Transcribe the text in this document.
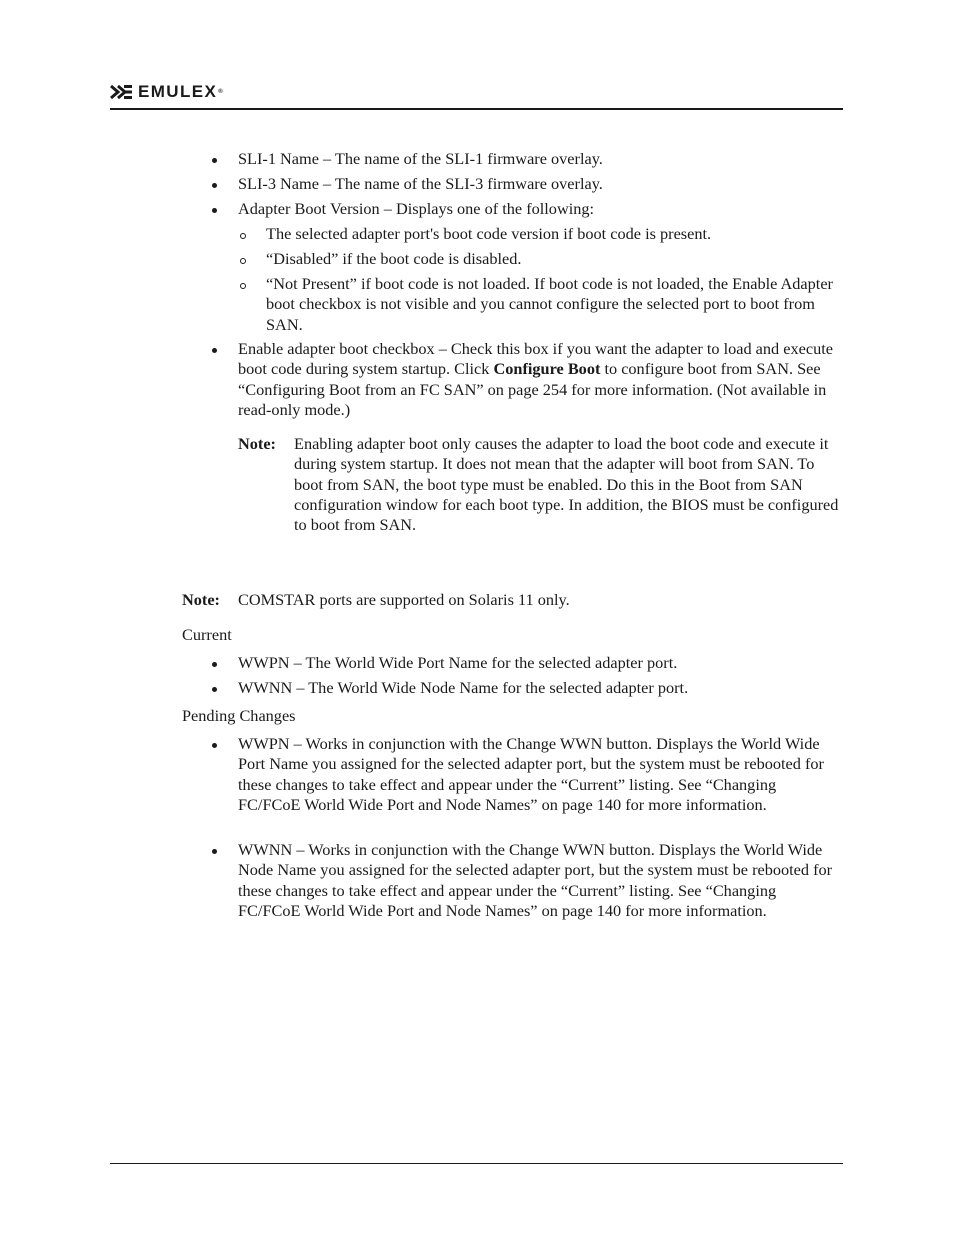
EMULEX®
SLI-1 Name – The name of the SLI-1 firmware overlay.
SLI-3 Name – The name of the SLI-3 firmware overlay.
Adapter Boot Version – Displays one of the following:
The selected adapter port's boot code version if boot code is present.
“Disabled” if the boot code is disabled.
“Not Present” if boot code is not loaded. If boot code is not loaded, the Enable Adapter boot checkbox is not visible and you cannot configure the selected port to boot from SAN.
Enable adapter boot checkbox – Check this box if you want the adapter to load and execute boot code during system startup. Click Configure Boot to configure boot from SAN. See “Configuring Boot from an FC SAN” on page 254 for more information. (Not available in read-only mode.)
Note: Enabling adapter boot only causes the adapter to load the boot code and execute it during system startup. It does not mean that the adapter will boot from SAN. To boot from SAN, the boot type must be enabled. Do this in the Boot from SAN configuration window for each boot type. In addition, the BIOS must be configured to boot from SAN.
Note: COMSTAR ports are supported on Solaris 11 only.
Current
WWPN – The World Wide Port Name for the selected adapter port.
WWNN – The World Wide Node Name for the selected adapter port.
Pending Changes
WWPN – Works in conjunction with the Change WWN button. Displays the World Wide Port Name you assigned for the selected adapter port, but the system must be rebooted for these changes to take effect and appear under the “Current” listing. See “Changing FC/FCoE World Wide Port and Node Names” on page 140 for more information.
WWNN – Works in conjunction with the Change WWN button. Displays the World Wide Node Name you assigned for the selected adapter port, but the system must be rebooted for these changes to take effect and appear under the “Current” listing. See “Changing FC/FCoE World Wide Port and Node Names” on page 140 for more information.
